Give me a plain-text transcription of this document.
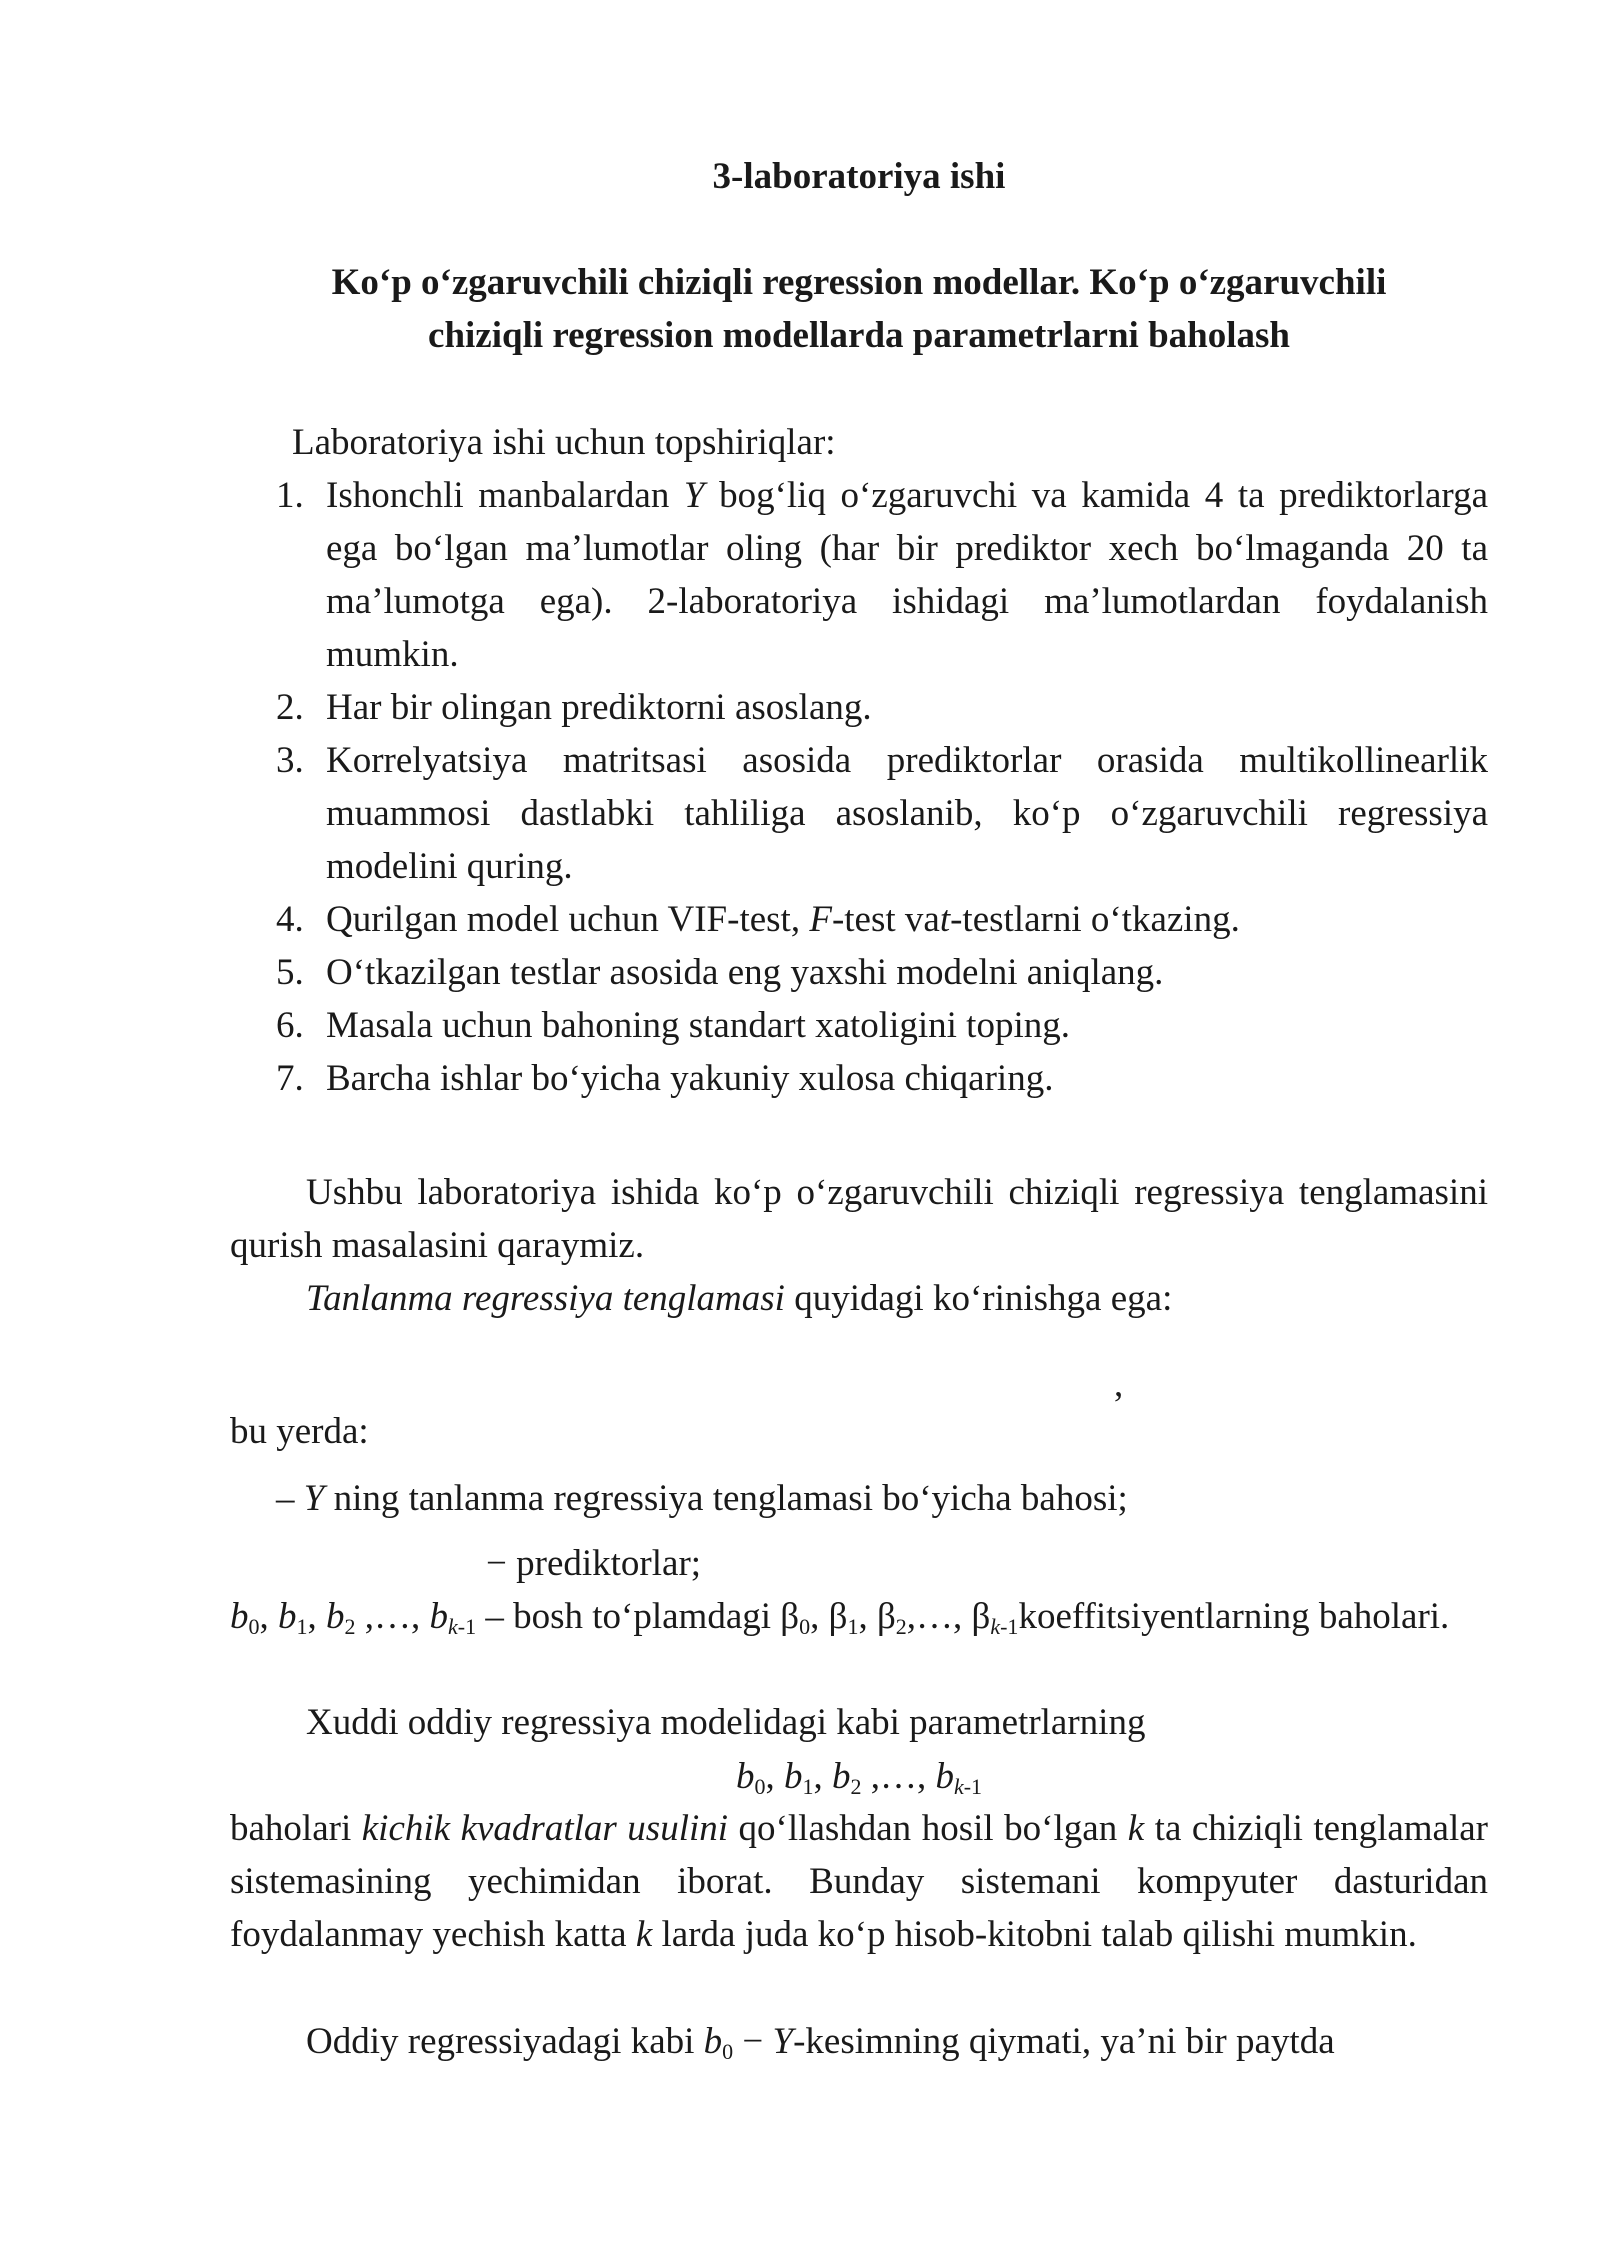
3-laboratoriya ishi
Ko‘p o‘zgaruvchili chiziqli regression modellar. Ko‘p o‘zgaruvchili
chiziqli regression modellarda parametrlarni baholash
Laboratoriya ishi uchun topshiriqlar:
1. Ishonchli manbalardan Y bog‘liq o‘zgaruvchi va kamida 4 ta prediktorlarga ega bo‘lgan ma’lumotlar oling (har bir prediktor xech bo‘lmaganda 20 ta ma’lumotga ega). 2-laboratoriya ishidagi ma’lumotlardan foydalanish mumkin.
2. Har bir olingan prediktorni asoslang.
3. Korrelyatsiya matritsasi asosida prediktorlar orasida multikollinearlik muammosi dastlabki tahliliga asoslanib, ko‘p o‘zgaruvchili regressiya modelini quring.
4. Qurilgan model uchun VIF-test, F-test vat-testlarni o‘tkazing.
5. O‘tkazilgan testlar asosida eng yaxshi modelni aniqlang.
6. Masala uchun bahoning standart xatoligini toping.
7. Barcha ishlar bo‘yicha yakuniy xulosa chiqaring.

Ushbu laboratoriya ishida ko‘p o‘zgaruvchili chiziqli regressiya tenglamasini qurish masalasini qaraymiz.

Tanlanma regressiya tenglamasi quyidagi ko‘rinishga ega:

,

bu yerda:

– Y ning tanlanma regressiya tenglamasi bo‘yicha bahosi;

− prediktorlar;

$b_0$, $b_1$, $b_2$ ,…, $b_{k-1}$ – bosh to‘plamdagi $\beta_0$, $\beta_1$, $\beta_2,\dots$, $\beta_{k-1}koeffitsiyentlarning$ baholari.

Xuddi oddiy regressiya modelidagi kabi parametrlarning

$b_0$, $b_1$, $b_2$ ,…, $b_{k-1}$

baholari kichik kvadratlar usulini qo‘llashdan hosil bo‘lgan k ta chiziqli tenglamalar sistemasining yechimidan iborat. Bunday sistemani kompyuter dasturidan foydalanmay yechish katta k larda juda ko‘p hisob-kitobni talab qilishi mumkin.

Oddiy regressiyadagi kabi $b_0$ − Y-kesimning qiymati, ya’ni bir paytda
